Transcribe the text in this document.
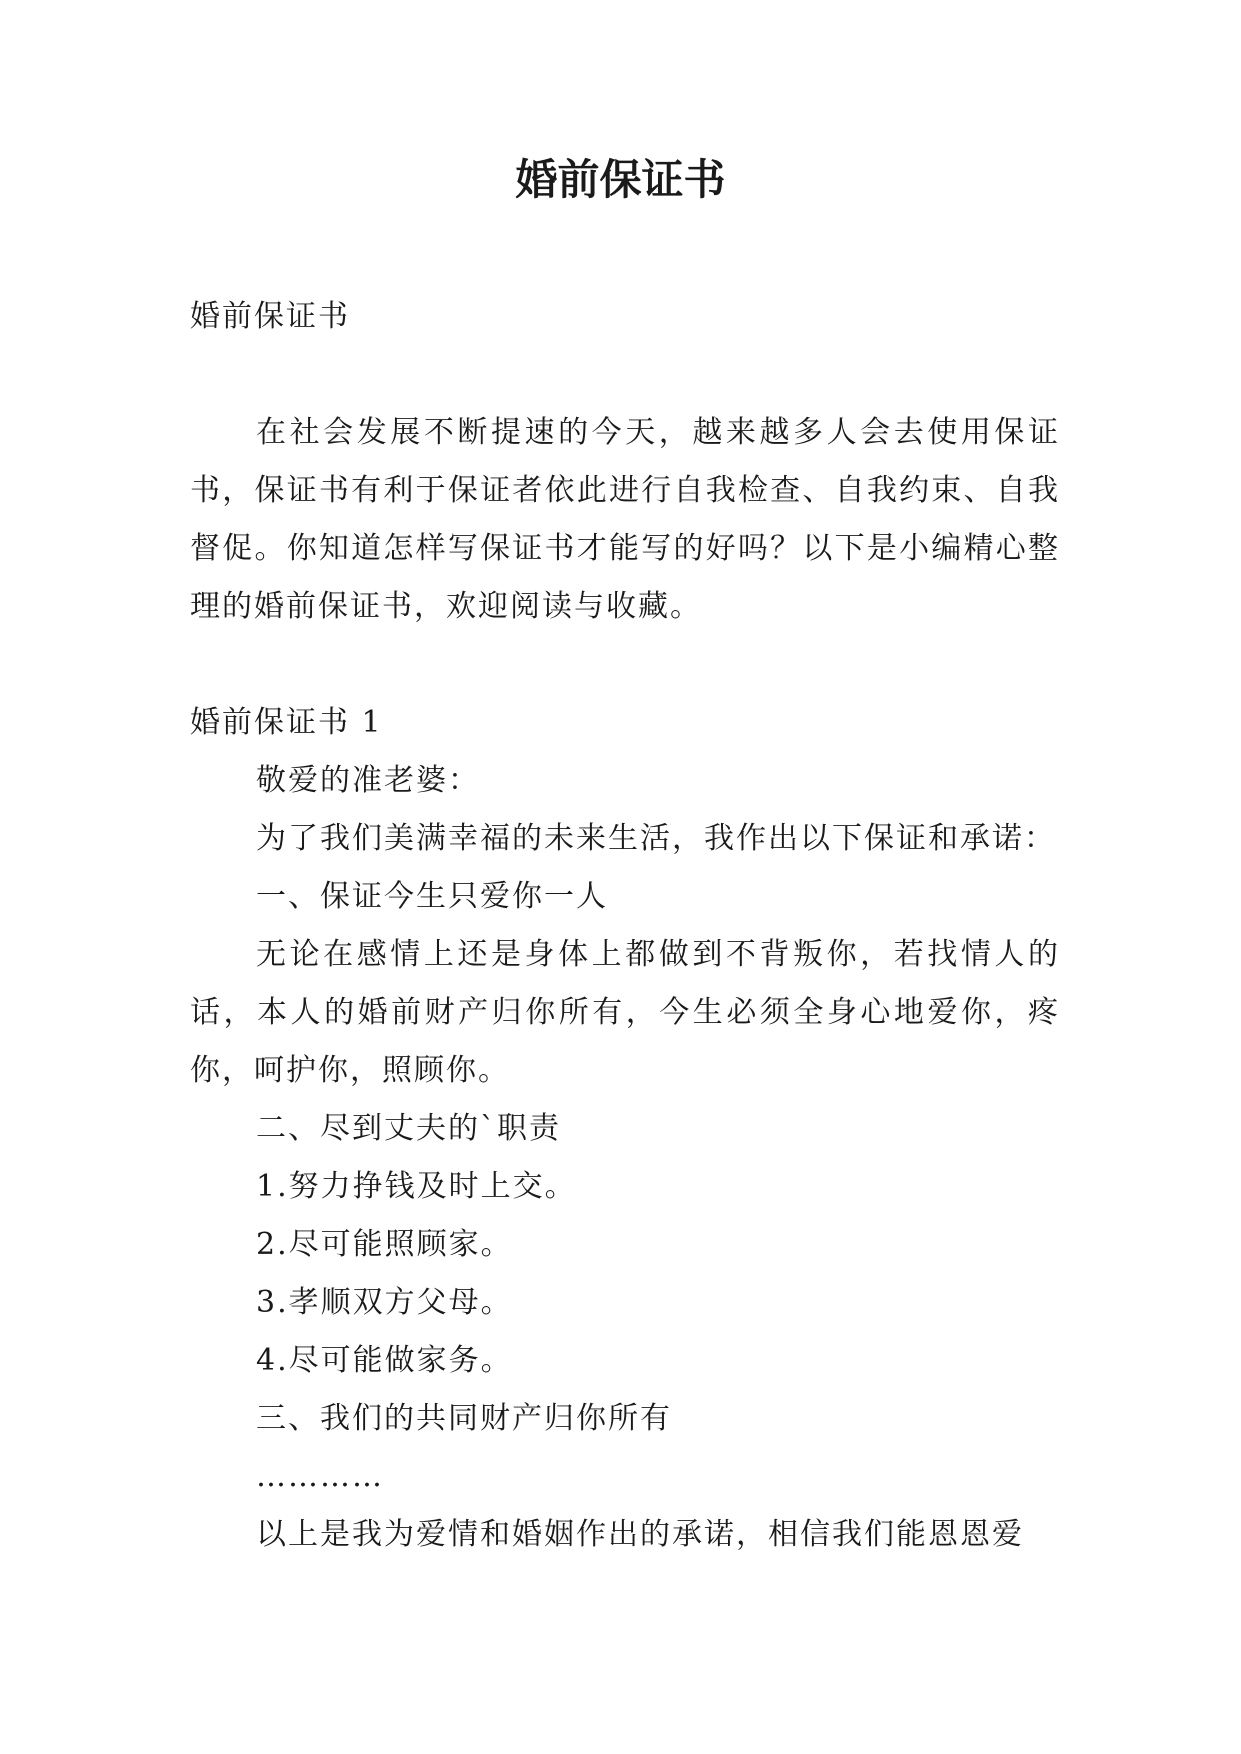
婚前保证书

婚前保证书

在社会发展不断提速的今天，越来越多人会去使用保证书，保证书有利于保证者依此进行自我检查、自我约束、自我督促。你知道怎样写保证书才能写的好吗？以下是小编精心整理的婚前保证书，欢迎阅读与收藏。

婚前保证书 1

敬爱的准老婆：

为了我们美满幸福的未来生活，我作出以下保证和承诺：

一、保证今生只爱你一人

无论在感情上还是身体上都做到不背叛你，若找情人的话，本人的婚前财产归你所有，今生必须全身心地爱你，疼你，呵护你，照顾你。

二、尽到丈夫的`职责

1.努力挣钱及时上交。

2.尽可能照顾家。

3.孝顺双方父母。

4.尽可能做家务。

三、我们的共同财产归你所有

…………

以上是我为爱情和婚姻作出的承诺，相信我们能恩恩爱
